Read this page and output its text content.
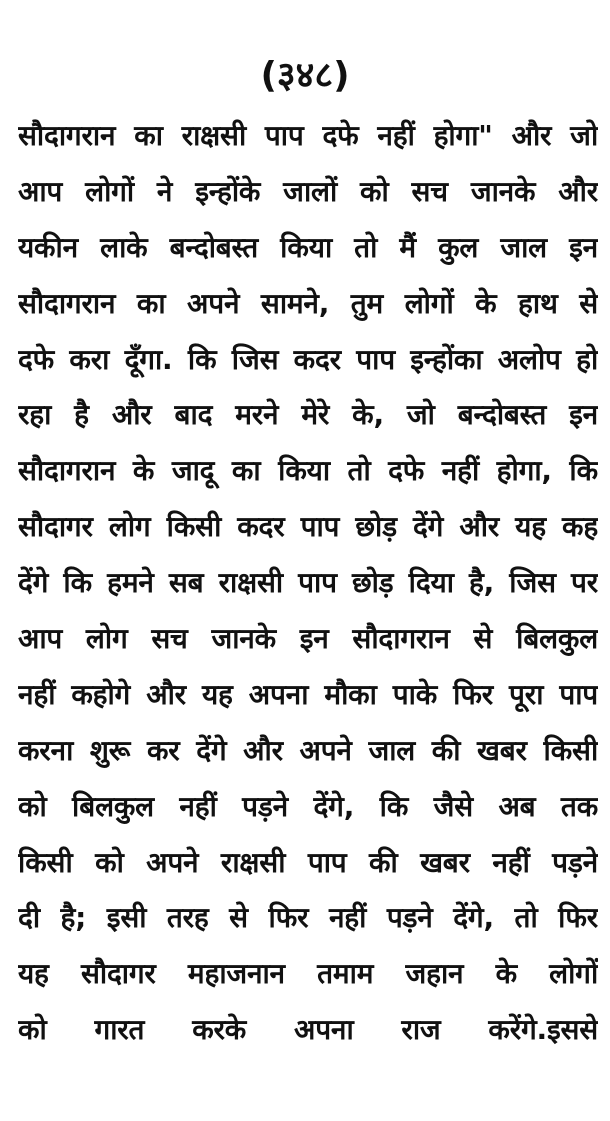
(३४८)
सौदागरान का राक्षसी पाप दफे नहीं होगा" और जो
आप लोगों ने इन्होंके जालों को सच जानके और
यकीन लाके बन्दोबस्त किया तो मैं कुल जाल इन
सौदागरान का अपने सामने, तुम लोगों के हाथ से
दफे करा दूँगा. कि जिस कदर पाप इन्होंका अलोप हो
रहा है और बाद मरने मेरे के, जो बन्दोबस्त इन
सौदागरान के जादू का किया तो दफे नहीं होगा, कि
सौदागर लोग किसी कदर पाप छोड़ देंगे और यह कह
देंगे कि हमने सब राक्षसी पाप छोड़ दिया है, जिस पर
आप लोग सच जानके इन सौदागरान से बिलकुल
नहीं कहोगे और यह अपना मौका पाके फिर पूरा पाप
करना शुरू कर देंगे और अपने जाल की खबर किसी
को बिलकुल नहीं पड़ने देंगे, कि जैसे अब तक
किसी को अपने राक्षसी पाप की खबर नहीं पड़ने
दी है; इसी तरह से फिर नहीं पड़ने देंगे, तो फिर
यह सौदागर महाजनान तमाम जहान के लोगों
को गारत करके अपना राज करेंगे.इससे
